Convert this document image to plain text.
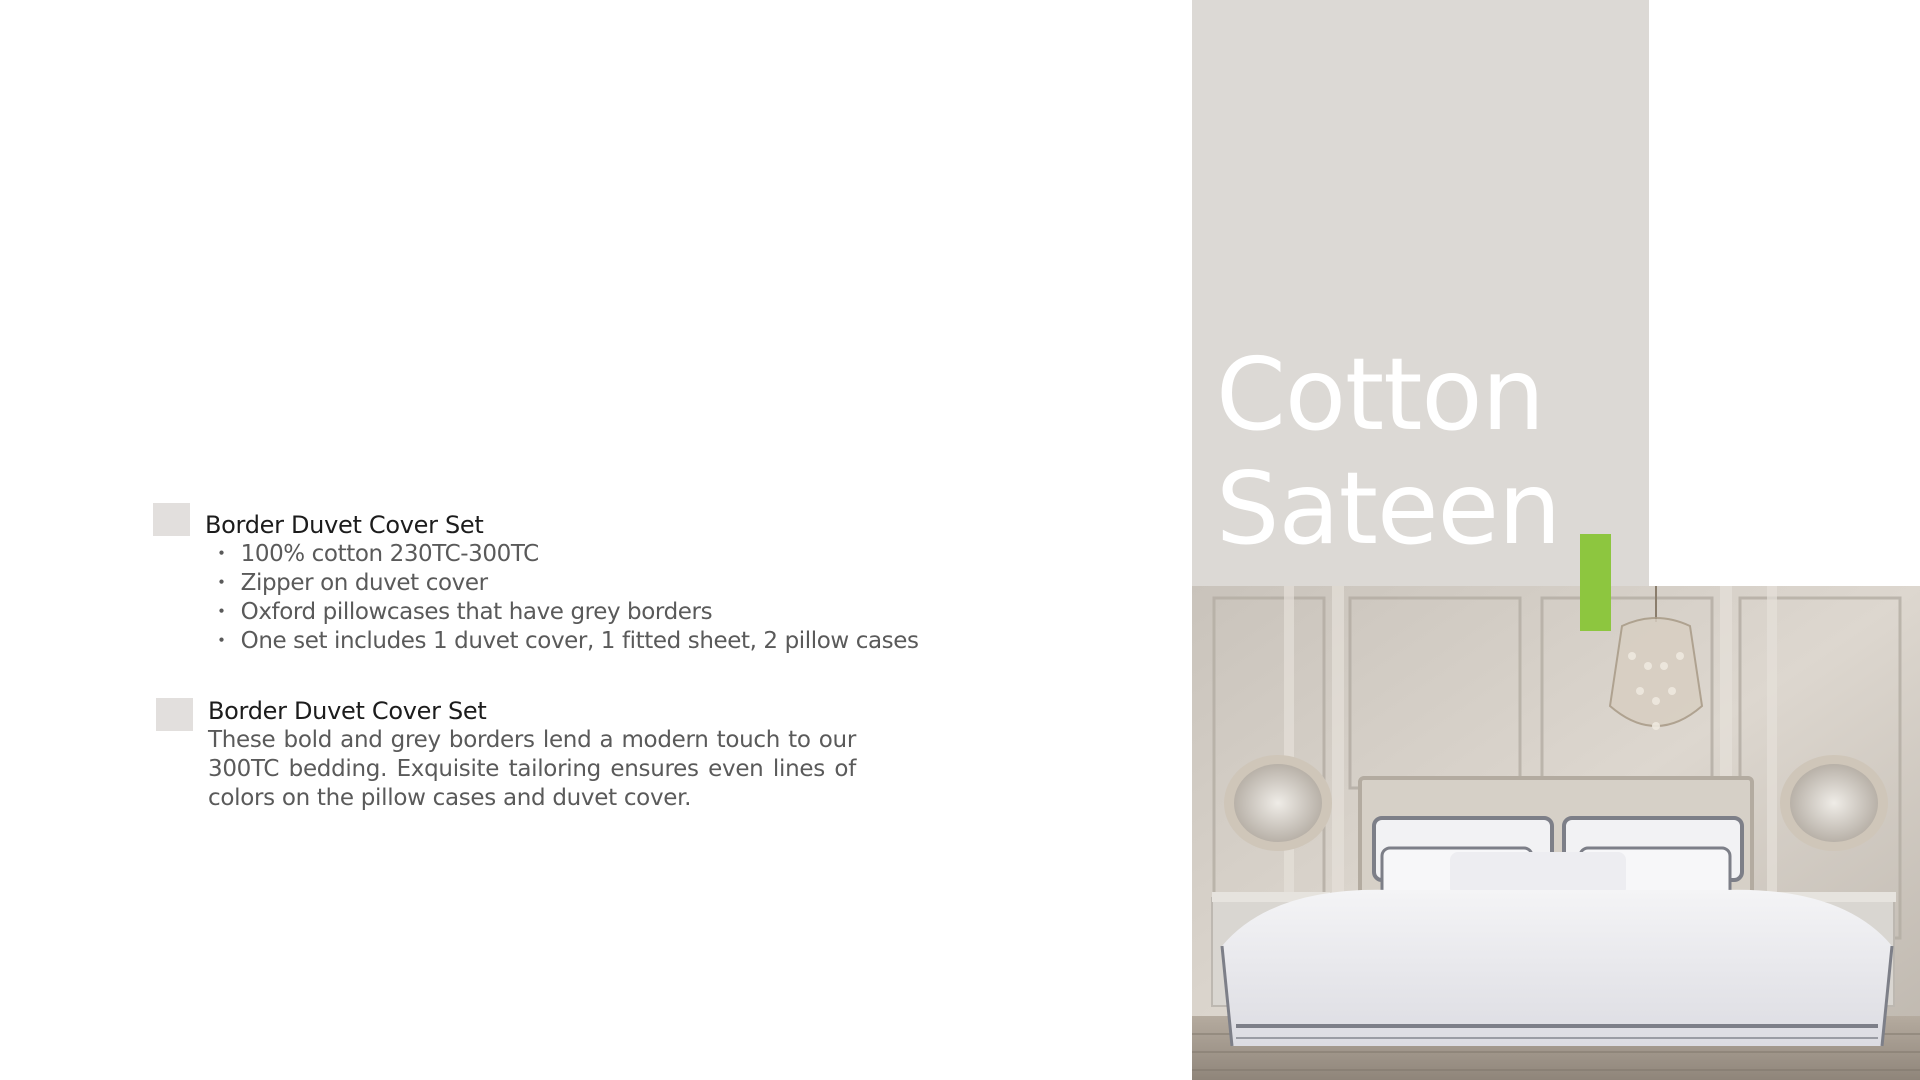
Cotton
Sateen
Border Duvet Cover Set
・ 100% cotton 230TC-300TC
・ Zipper on duvet cover
・ Oxford pillowcases that have grey borders
・ One set includes 1 duvet cover, 1 fitted sheet, 2 pillow cases
Border Duvet Cover Set
These bold and grey borders lend a modern touch to our 300TC bedding. Exquisite tailoring ensures even lines of colors on the pillow cases and duvet cover.
